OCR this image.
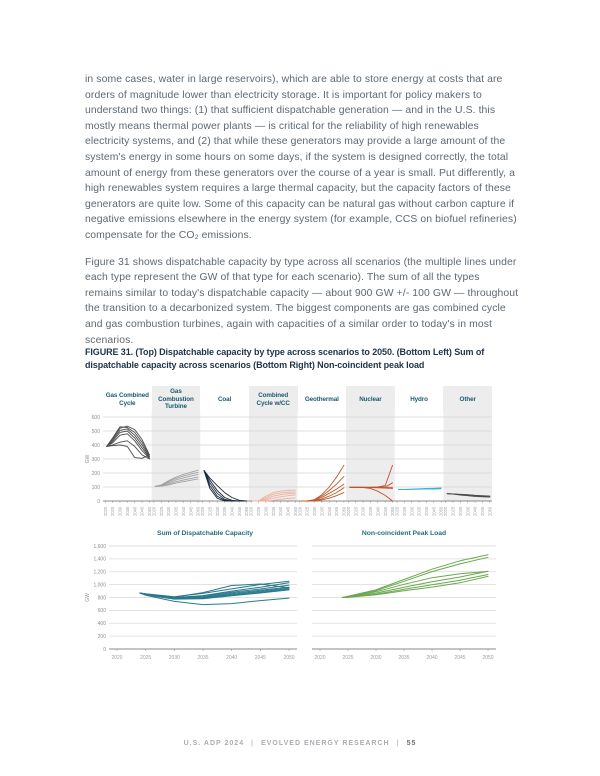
in some cases, water in large reservoirs), which are able to store energy at costs that are orders of magnitude lower than electricity storage. It is important for policy makers to understand two things: (1) that sufficient dispatchable generation — and in the U.S. this mostly means thermal power plants — is critical for the reliability of high renewables electricity systems, and (2) that while these generators may provide a large amount of the system's energy in some hours on some days, if the system is designed correctly, the total amount of energy from these generators over the course of a year is small. Put differently, a high renewables system requires a large thermal capacity, but the capacity factors of these generators are quite low. Some of this capacity can be natural gas without carbon capture if negative emissions elsewhere in the energy system (for example, CCS on biofuel refineries) compensate for the CO₂ emissions.

Figure 31 shows dispatchable capacity by type across all scenarios (the multiple lines under each type represent the GW of that type for each scenario). The sum of all the types remains similar to today's dispatchable capacity — about 900 GW +/- 100 GW — throughout the transition to a decarbonized system. The biggest components are gas combined cycle and gas combustion turbines, again with capacities of a similar order to today's in most scenarios.

FIGURE 31. (Top) Dispatchable capacity by type across scenarios to 2050. (Bottom Left) Sum of dispatchable capacity across scenarios (Bottom Right) Non-coincident peak load
Gas Combined Cycle
Gas Combustion Turbine
Coal
Combined Cycle w/CC
Geothermal	Nuclear	Hydro	Other
0
100
200
300
400
500
600
GW
2020 2025 2030 2035 2040 2045 2050 2020 2025 2030 2035 2040 2045 2050 2020 2025 2030 2035 2040 2045 2050 2020 2025 2030 2035 2040 2045 2050 2020 2025 2030 2035 2040 2045 2050 2020 2025 2030 2035 2040 2045 2050 2020 2025 2030 2035 2040 2045 2050 2020 2025 2030 2035 2040 2045 2050
Sum of Dispatchable Capacity
0
200
400
600
800
1,000
1,200
1,400
1,600
GW
2020	2025	2030	2035	2040	2045	2050
Non-coincident Peak Load
2020	2025	2030	2035	2040	2045	2050
U.S. ADP 2024 | EVOLVED ENERGY RESEARCH | 55
